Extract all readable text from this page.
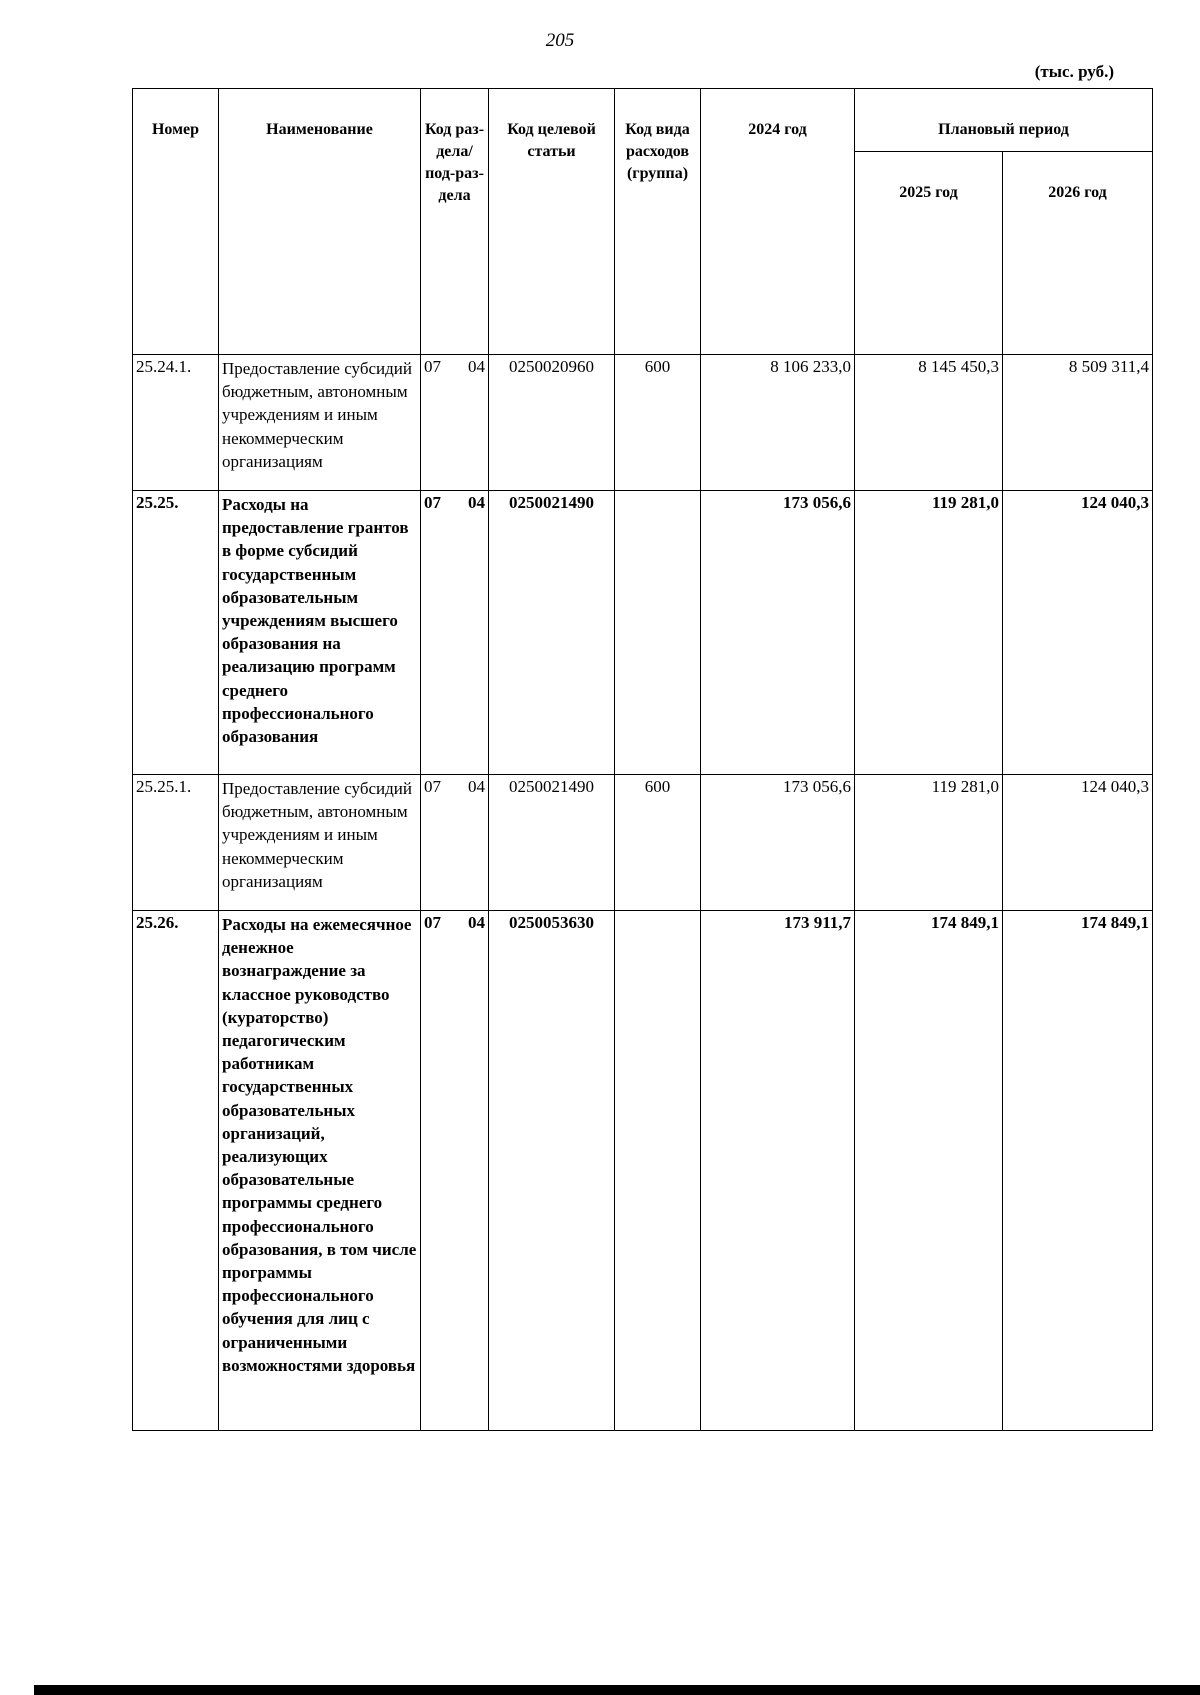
205
(тыс. руб.)
Номер	Наименование	Код раз-дела/ под-раз-дела	Код целевой статьи	Код вида расходов (группа)	2024 год	Плановый период	
						2025 год	2026 год
25.24.1.	Предоставление субсидий бюджетным, автономным учреждениям и иным некоммерческим организациям	07 04	0250020960	600	8 106 233,0	8 145 450,3	8 509 311,4
25.25.	Расходы на предоставление грантов в форме субсидий государственным образовательным учреждениям высшего образования на реализацию программ среднего профессионального образования	07 04	0250021490		173 056,6	119 281,0	124 040,3
25.25.1.	Предоставление субсидий бюджетным, автономным учреждениям и иным некоммерческим организациям	07 04	0250021490	600	173 056,6	119 281,0	124 040,3
25.26.	Расходы на ежемесячное денежное вознаграждение за классное руководство (кураторство) педагогическим работникам государственных образовательных организаций, реализующих образовательные программы среднего профессионального образования, в том числе программы профессионального обучения для лиц с ограниченными возможностями здоровья	07 04	0250053630		173 911,7	174 849,1	174 849,1
